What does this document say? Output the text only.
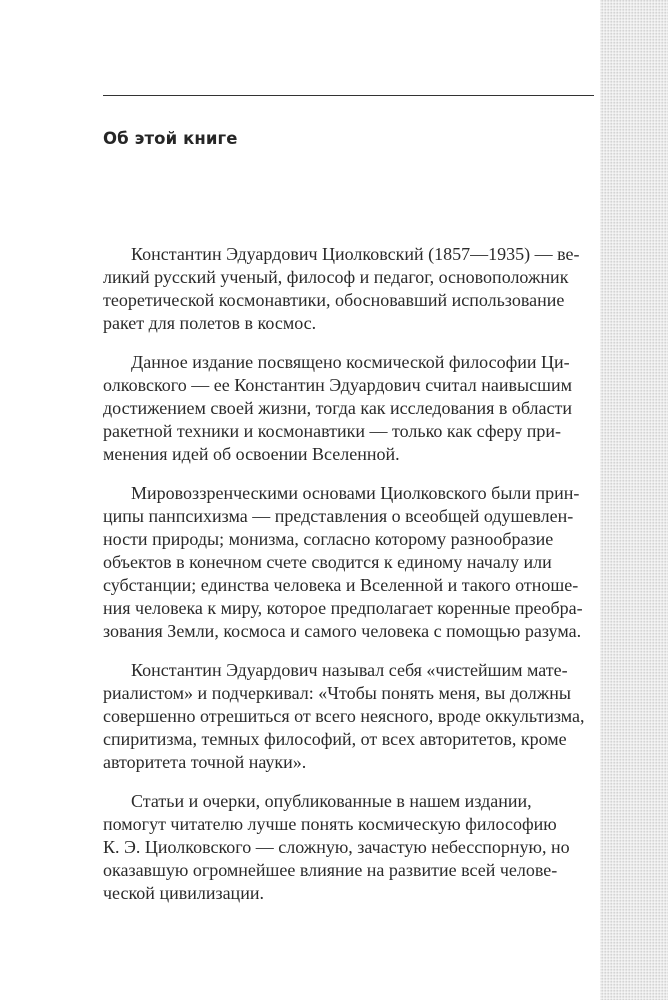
Об этой книге

Константин Эдуардович Циолковский (1857—1935) — ве-
ликий русский ученый, философ и педагог, основоположник
теоретической космонавтики, обосновавший использование
ракет для полетов в космос.

Данное издание посвящено космической философии Ци-
олковского — ее Константин Эдуардович считал наивысшим
достижением своей жизни, тогда как исследования в области
ракетной техники и космонавтики — только как сферу при-
менения идей об освоении Вселенной.

Мировоззренческими основами Циолковского были прин-
ципы панпсихизма — представления о всеобщей одушевлен-
ности природы; монизма, согласно которому разнообразие
объектов в конечном счете сводится к единому началу или
субстанции; единства человека и Вселенной и такого отноше-
ния человека к миру, которое предполагает коренные преобра-
зования Земли, космоса и самого человека с помощью разума.

Константин Эдуардович называл себя «чистейшим мате-
риалистом» и подчеркивал: «Чтобы понять меня, вы должны
совершенно отрешиться от всего неясного, вроде оккультизма,
спиритизма, темных философий, от всех авторитетов, кроме
авторитета точной науки».

Статьи и очерки, опубликованные в нашем издании,
помогут читателю лучше понять космическую философию
К. Э. Циолковского — сложную, зачастую небесспорную, но
оказавшую огромнейшее влияние на развитие всей челове-
ческой цивилизации.
